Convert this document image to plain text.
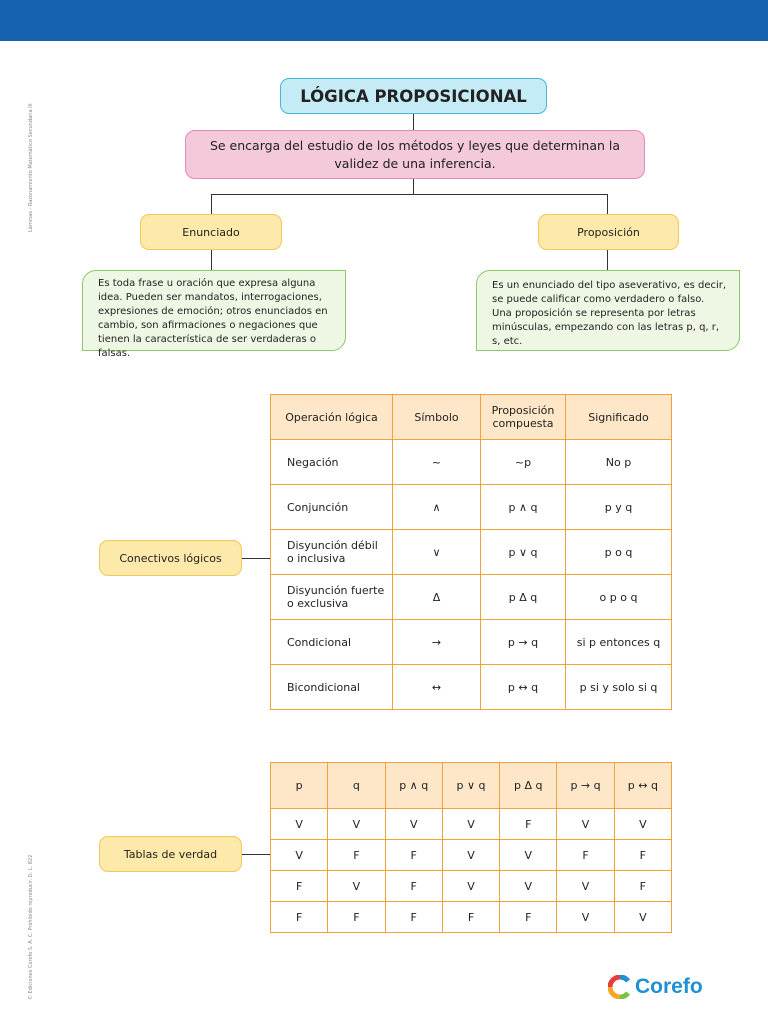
Láminas - Razonamiento Matemático Secundaria III
© Ediciones Corefo S. A. C. Prohibido reproducir. D. L. 822
LÓGICA PROPOSICIONAL
Se encarga del estudio de los métodos y leyes que determinan la validez de una inferencia.
Enunciado	Proposición
Es toda frase u oración que expresa alguna idea. Pueden ser mandatos, interrogaciones, expresiones de emoción; otros enunciados en cambio, son afirmaciones o negaciones que tienen la característica de ser verdaderas o falsas.
Es un enunciado del tipo aseverativo, es decir, se puede calificar como verdadero o falso. Una proposición se representa por letras minúsculas, empezando con las letras p, q, r, s, etc.
Conectivos lógicos
Tablas de verdad
Operación lógica	Símbolo	Proposición compuesta	Significado
Negación	~	~p	No p
Conjunción	∧	p ∧ q	p y q
Disyunción débil o inclusiva	∨	p ∨ q	p o q
Disyunción fuerte o exclusiva	Δ	p Δ q	o p o q
Condicional	→	p → q	si p entonces q
Bicondicional	↔	p ↔ q	p si y solo si q
p	q	p ∧ q	p ∨ q	p Δ q	p → q	p ↔ q
V	V	V	V	F	V	V
V	F	F	V	V	F	F
F	V	F	V	V	V	F
F	F	F	F	F	V	V
Corefo
